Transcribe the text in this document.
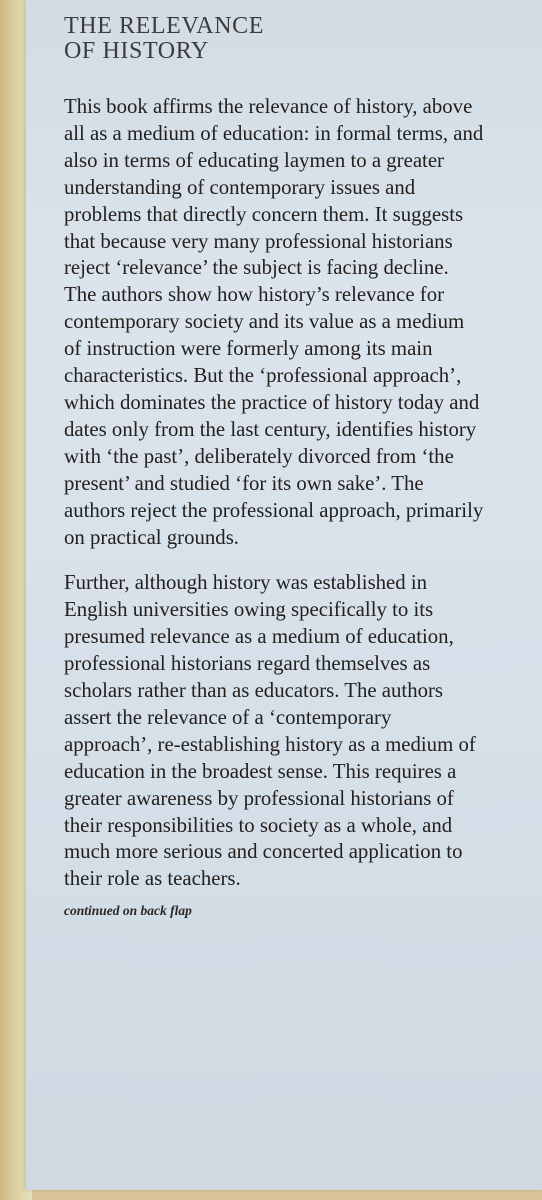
THE RELEVANCE
OF HISTORY

This book affirms the relevance of history, above all as a medium of education: in formal terms, and also in terms of educating laymen to a greater understanding of contemporary issues and problems that directly concern them. It suggests that because very many professional historians reject ‘relevance’ the subject is facing decline. The authors show how history’s relevance for contemporary society and its value as a medium of instruction were formerly among its main characteristics. But the ‘professional approach’, which dominates the practice of history today and dates only from the last century, identifies history with ‘the past’, deliberately divorced from ‘the present’ and studied ‘for its own sake’. The authors reject the professional approach, primarily on practical grounds.

Further, although history was established in English universities owing specifically to its presumed relevance as a medium of education, professional historians regard themselves as scholars rather than as educators. The authors assert the relevance of a ‘contemporary approach’, re-establishing history as a medium of education in the broadest sense. This requires a greater awareness by professional historians of their responsibilities to society as a whole, and much more serious and concerted application to their role as teachers.

continued on back flap
